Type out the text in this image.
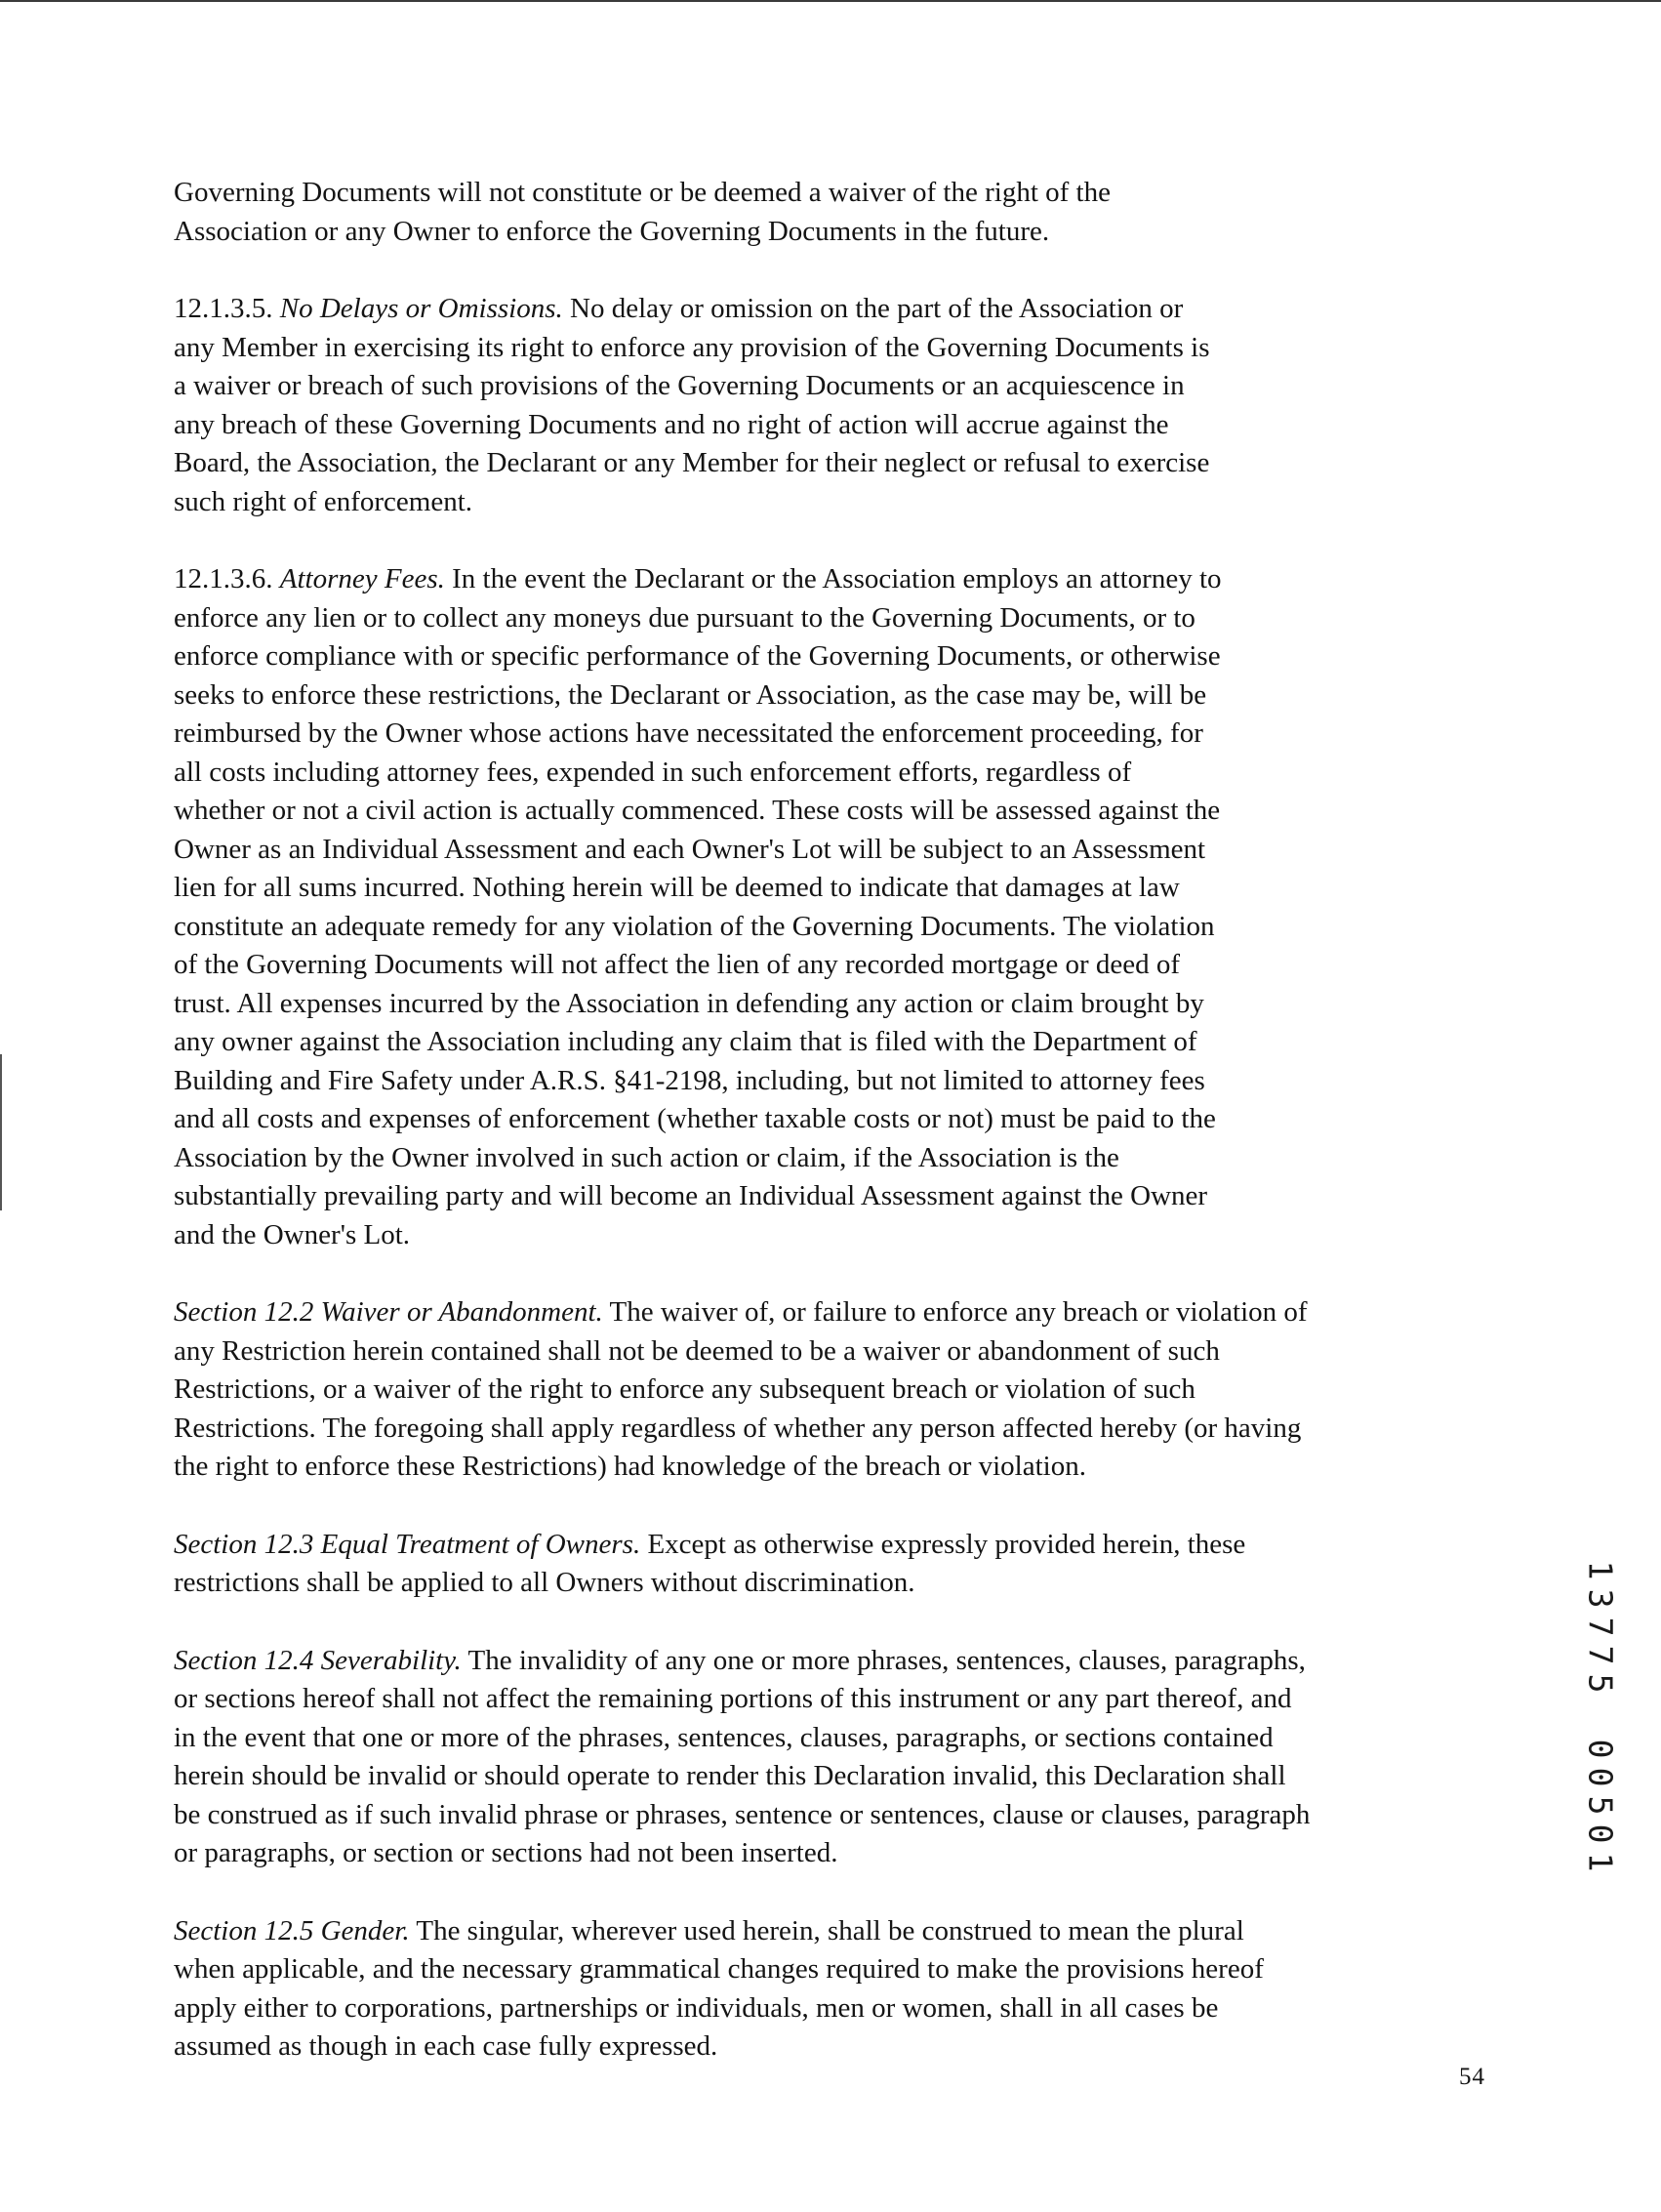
Governing Documents will not constitute or be deemed a waiver of the right of the
Association or any Owner to enforce the Governing Documents in the future.

12.1.3.5. No Delays or Omissions. No delay or omission on the part of the Association or
any Member in exercising its right to enforce any provision of the Governing Documents is
a waiver or breach of such provisions of the Governing Documents or an acquiescence in
any breach of these Governing Documents and no right of action will accrue against the
Board, the Association, the Declarant or any Member for their neglect or refusal to exercise
such right of enforcement.

12.1.3.6. Attorney Fees. In the event the Declarant or the Association employs an attorney to
enforce any lien or to collect any moneys due pursuant to the Governing Documents, or to
enforce compliance with or specific performance of the Governing Documents, or otherwise
seeks to enforce these restrictions, the Declarant or Association, as the case may be, will be
reimbursed by the Owner whose actions have necessitated the enforcement proceeding, for
all costs including attorney fees, expended in such enforcement efforts, regardless of
whether or not a civil action is actually commenced. These costs will be assessed against the
Owner as an Individual Assessment and each Owner's Lot will be subject to an Assessment
lien for all sums incurred. Nothing herein will be deemed to indicate that damages at law
constitute an adequate remedy for any violation of the Governing Documents. The violation
of the Governing Documents will not affect the lien of any recorded mortgage or deed of
trust. All expenses incurred by the Association in defending any action or claim brought by
any owner against the Association including any claim that is filed with the Department of
Building and Fire Safety under A.R.S. §41-2198, including, but not limited to attorney fees
and all costs and expenses of enforcement (whether taxable costs or not) must be paid to the
Association by the Owner involved in such action or claim, if the Association is the
substantially prevailing party and will become an Individual Assessment against the Owner
and the Owner's Lot.

Section 12.2 Waiver or Abandonment. The waiver of, or failure to enforce any breach or violation of
any Restriction herein contained shall not be deemed to be a waiver or abandonment of such
Restrictions, or a waiver of the right to enforce any subsequent breach or violation of such
Restrictions. The foregoing shall apply regardless of whether any person affected hereby (or having
the right to enforce these Restrictions) had knowledge of the breach or violation.

Section 12.3 Equal Treatment of Owners. Except as otherwise expressly provided herein, these
restrictions shall be applied to all Owners without discrimination.

Section 12.4 Severability. The invalidity of any one or more phrases, sentences, clauses, paragraphs,
or sections hereof shall not affect the remaining portions of this instrument or any part thereof, and
in the event that one or more of the phrases, sentences, clauses, paragraphs, or sections contained
herein should be invalid or should operate to render this Declaration invalid, this Declaration shall
be construed as if such invalid phrase or phrases, sentence or sentences, clause or clauses, paragraph
or paragraphs, or section or sections had not been inserted.

Section 12.5 Gender. The singular, wherever used herein, shall be construed to mean the plural
when applicable, and the necessary grammatical changes required to make the provisions hereof
apply either to corporations, partnerships or individuals, men or women, shall in all cases be
assumed as though in each case fully expressed.

1
3
7
7
5
0
0
5
0
1
54
